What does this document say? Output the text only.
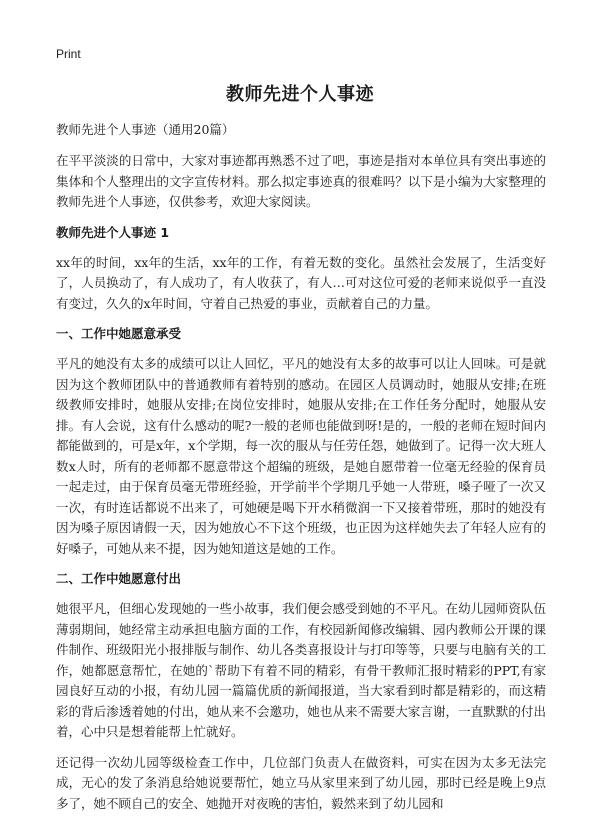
Print
教师先进个人事迹

教师先进个人事迹（通用20篇）

在平平淡淡的日常中，大家对事迹都再熟悉不过了吧，事迹是指对本单位具有突出事迹的集体和个人整理出的文字宣传材料。那么拟定事迹真的很难吗？以下是小编为大家整理的教师先进个人事迹，仅供参考，欢迎大家阅读。

教师先进个人事迹 1

xx年的时间，xx年的生活，xx年的工作，有着无数的变化。虽然社会发展了，生活变好了，人员换动了，有人成功了，有人收获了，有人…可对这位可爱的老师来说似乎一直没有变过，久久的x年时间，守着自己热爱的事业，贡献着自己的力量。

一、工作中她愿意承受

平凡的她没有太多的成绩可以让人回忆，平凡的她没有太多的故事可以让人回味。可是就因为这个教师团队中的普通教师有着特别的感动。在园区人员调动时，她服从安排;在班级教师安排时，她服从安排;在岗位安排时，她服从安排;在工作任务分配时，她服从安排。有人会说，这有什么感动的呢?一般的老师也能做到呀!是的，一般的老师在短时间内都能做到的，可是x年，x个学期，每一次的服从与任劳任怨，她做到了。记得一次大班人数x人时，所有的老师都不愿意带这个超编的班级，是她自愿带着一位毫无经验的保育员一起走过，由于保育员毫无带班经验，开学前半个学期几乎她一人带班，嗓子哑了一次又一次，有时连话都说不出来了，可她硬是喝下开水稍微润一下又接着带班，那时的她没有因为嗓子原因请假一天，因为她放心不下这个班级，也正因为这样她失去了年轻人应有的好嗓子，可她从来不提，因为她知道这是她的工作。

二、工作中她愿意付出

她很平凡，但细心发现她的一些小故事，我们便会感受到她的不平凡。在幼儿园师资队伍薄弱期间，她经常主动承担电脑方面的工作，有校园新闻修改编辑、园内教师公开课的课件制作、班级阳光小报排版与制作、幼儿各类喜报设计与打印等等，只要与电脑有关的工作，她都愿意帮忙，在她的`帮助下有着不同的精彩，有骨干教师汇报时精彩的PPT,有家园良好互动的小报，有幼儿园一篇篇优质的新闻报道，当大家看到时都是精彩的，而这精彩的背后渗透着她的付出，她从来不会邀功，她也从来不需要大家言谢，一直默默的付出着，心中只是想着能帮上忙就好。

还记得一次幼儿园等级检查工作中，几位部门负责人在做资料，可实在因为太多无法完成，无心的发了条消息给她说要帮忙，她立马从家里来到了幼儿园，那时已经是晚上9点多了，她不顾自己的安全、她抛开对夜晚的害怕，毅然来到了幼儿园和
